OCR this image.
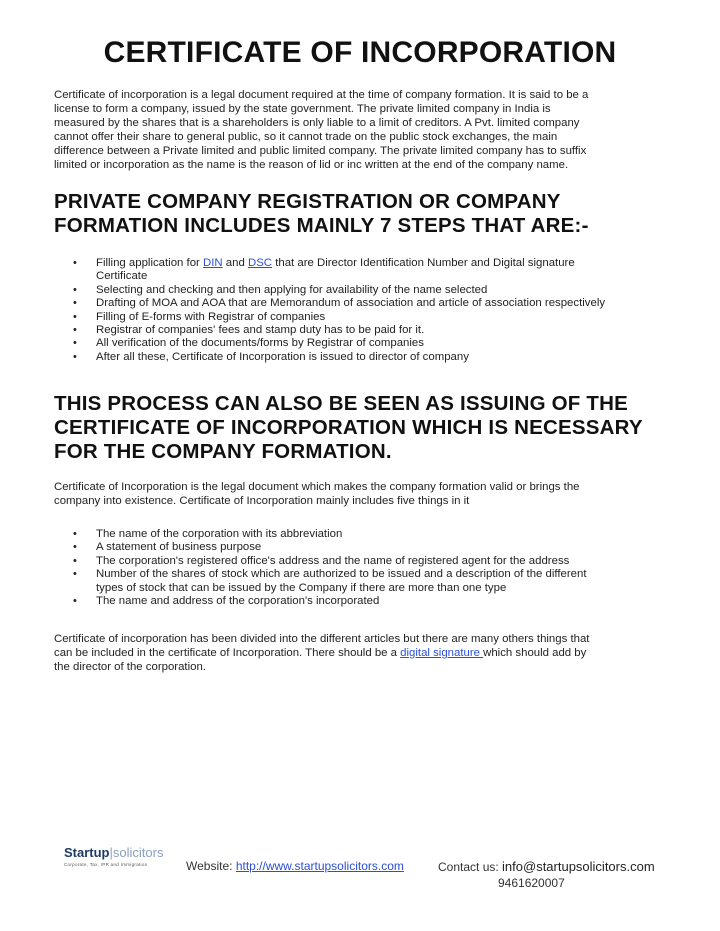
CERTIFICATE OF INCORPORATION
Certificate of incorporation is a legal document required at the time of company formation. It is said to be a
license to form a company, issued by the state government. The private limited company in India is
measured by the shares that is a shareholders is only liable to a limit of creditors. A Pvt. limited company
cannot offer their share to general public, so it cannot trade on the public stock exchanges, the main
difference between a Private limited and public limited company. The private limited company has to suffix
limited or incorporation as the name is the reason of lid or inc written at the end of the company name.
PRIVATE COMPANY REGISTRATION OR COMPANY
FORMATION INCLUDES MAINLY 7 STEPS THAT ARE:-
• Filling application for DIN and DSC that are Director Identification Number and Digital signature
Certificate
• Selecting and checking and then applying for availability of the name selected
• Drafting of MOA and AOA that are Memorandum of association and article of association respectively
• Filling of E-forms with Registrar of companies
• Registrar of companies' fees and stamp duty has to be paid for it.
• All verification of the documents/forms by Registrar of companies
• After all these, Certificate of Incorporation is issued to director of company
THIS PROCESS CAN ALSO BE SEEN AS ISSUING OF THE
CERTIFICATE OF INCORPORATION WHICH IS NECESSARY
FOR THE COMPANY FORMATION.
Certificate of Incorporation is the legal document which makes the company formation valid or brings the
company into existence. Certificate of Incorporation mainly includes five things in it
• The name of the corporation with its abbreviation
• A statement of business purpose
• The corporation's registered office's address and the name of registered agent for the address
• Number of the shares of stock which are authorized to be issued and a description of the different
types of stock that can be issued by the Company if there are more than one type
• The name and address of the corporation's incorporated
Certificate of incorporation has been divided into the different articles but there are many others things that
can be included in the certificate of Incorporation. There should be a digital signature which should add by
the director of the corporation.
Startup|solicitors
Corporate, Tax, IPR and Immigration	Website: http://www.startupsolicitors.com	Contact us: info@startupsolicitors.com
9461620007
